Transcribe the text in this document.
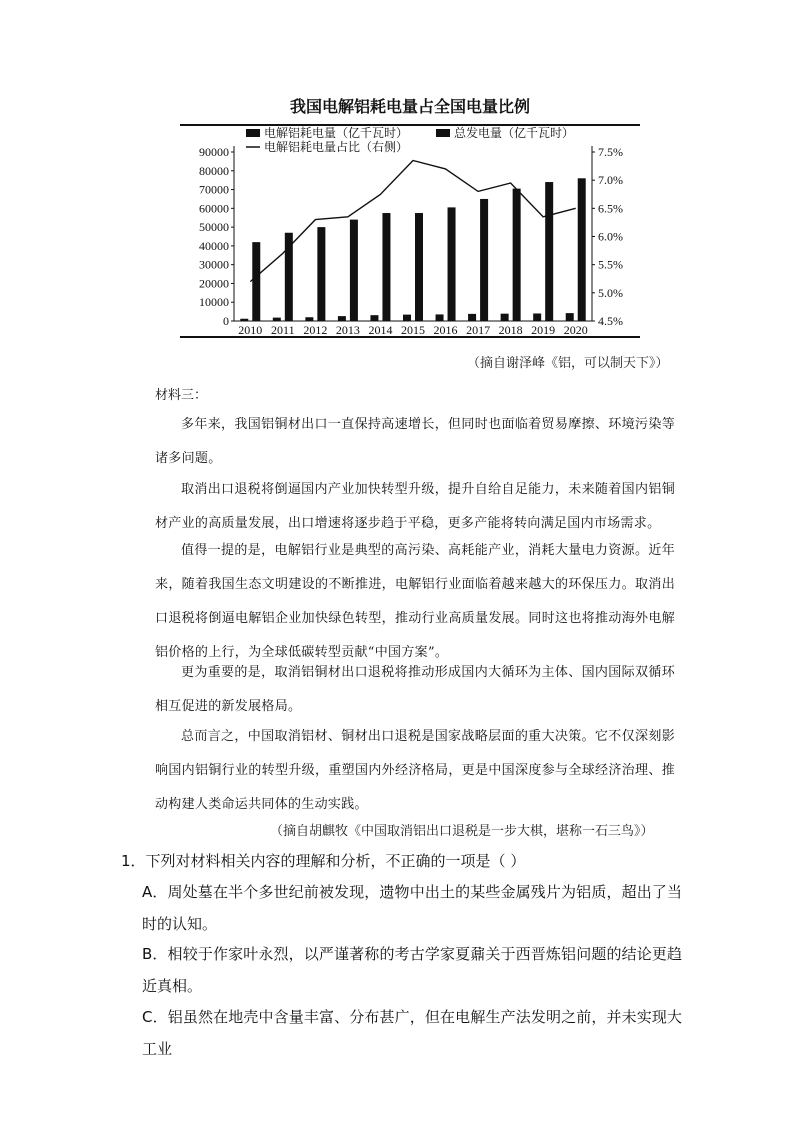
我国电解铝耗电量占全国电量比例
电解铝耗电量（亿千瓦时）	总发电量（亿千瓦时）
电解铝耗电量占比（右侧）
0
10000
20000
30000
40000
50000
60000
70000
80000
90000
4.5%
5.0%
5.5%
6.0%
6.5%
7.0%
7.5%
2010 2011 2012 2013 2014 2015 2016 2017 2018 2019 2020
（摘自谢泽峰《铝，可以制天下》）
材料三：

多年来，我国铝铜材出口一直保持高速增长，但同时也面临着贸易摩擦、环境污染等诸多问题。

取消出口退税将倒逼国内产业加快转型升级，提升自给自足能力，未来随着国内铝铜材产业的高质量发展，出口增速将逐步趋于平稳，更多产能将转向满足国内市场需求。

值得一提的是，电解铝行业是典型的高污染、高耗能产业，消耗大量电力资源。近年来，随着我国生态文明建设的不断推进，电解铝行业面临着越来越大的环保压力。取消出口退税将倒逼电解铝企业加快绿色转型，推动行业高质量发展。同时这也将推动海外电解铝价格的上行，为全球低碳转型贡献“中国方案”。

更为重要的是，取消铝铜材出口退税将推动形成国内大循环为主体、国内国际双循环相互促进的新发展格局。

总而言之，中国取消铝材、铜材出口退税是国家战略层面的重大决策。它不仅深刻影响国内铝铜行业的转型升级，重塑国内外经济格局，更是中国深度参与全球经济治理、推动构建人类命运共同体的生动实践。

（摘自胡麒牧《中国取消铝出口退税是一步大棋，堪称一石三鸟》）
1．下列对材料相关内容的理解和分析，不正确的一项是（ ）

A．周处墓在半个多世纪前被发现，遗物中出土的某些金属残片为铝质，超出了当时的认知。

B．相较于作家叶永烈，以严谨著称的考古学家夏鼐关于西晋炼铝问题的结论更趋近真相。

C．铝虽然在地壳中含量丰富、分布甚广，但在电解生产法发明之前，并未实现大工业
